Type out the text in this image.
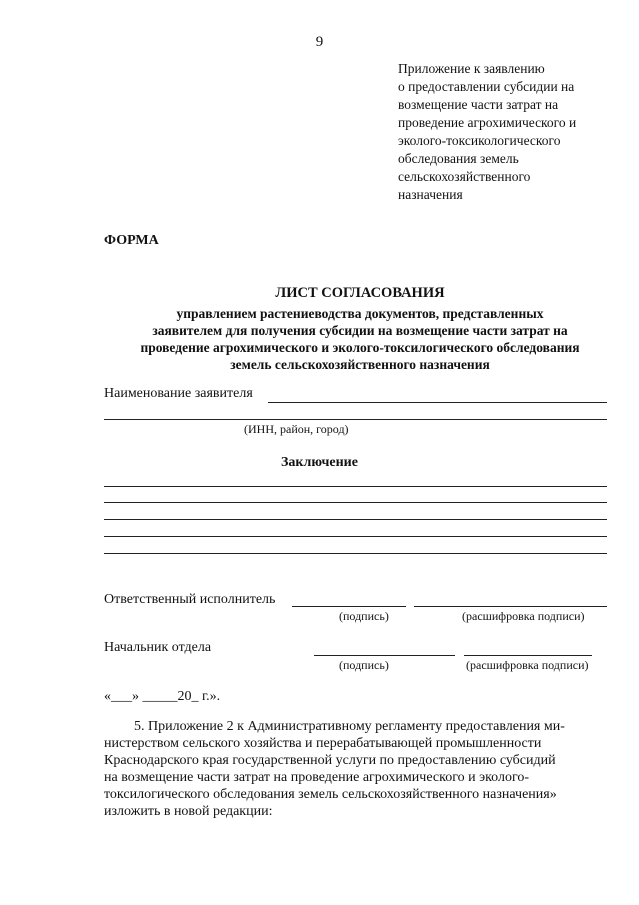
9
Приложение к заявлению
о предоставлении субсидии на
возмещение части затрат на
проведение агрохимического и
эколого-токсикологического
обследования земель
сельскохозяйственного
назначения
ФОРМА
ЛИСТ СОГЛАСОВАНИЯ
управлением растениеводства документов, представленных
заявителем для получения субсидии на возмещение части затрат на
проведение агрохимического и эколого-токсилогического обследования
земель сельскохозяйственного назначения
Наименование заявителя
(ИНН, район, город)
Заключение
Ответственный исполнитель
(подпись)	(расшифровка подписи)
Начальник отдела
(подпись)	(расшифровка подписи)
«___» _____20_ г.».
5. Приложение 2 к Административному регламенту предоставления ми-
нистерством сельского хозяйства и перерабатывающей промышленности
Краснодарского края государственной услуги по предоставлению субсидий
на возмещение части затрат на проведение агрохимического и эколого-
токсилогического обследования земель сельскохозяйственного назначения»
изложить в новой редакции:
